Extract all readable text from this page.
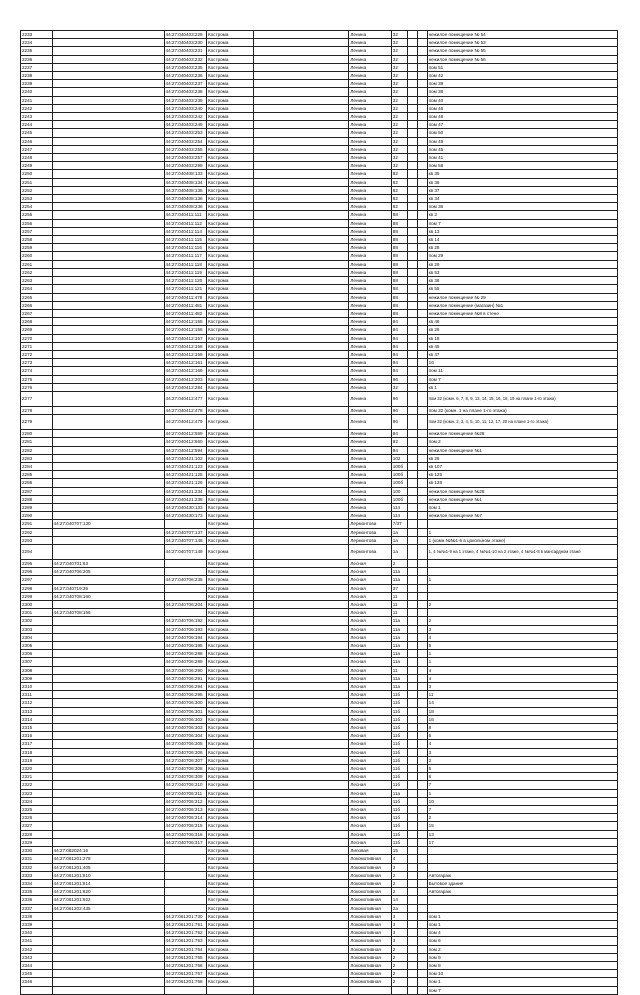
2233		44:27:040403:229	Кострома		Ленина	32			нежилое помещение № 54
2234		44:27:040403:230	Кострома		Ленина	32			нежилое помещение № 53
2235		44:27:040403:231	Кострома		Ленина	32			нежилое помещение № 55
2236		44:27:040403:232	Кострома		Ленина	32			нежилое помещение № 56
2237		44:27:040403:235	Кострома		Ленина	32			пом 51
2238		44:27:040403:236	Кострома		Ленина	32			пом 42
2239		44:27:040403:237	Кострома		Ленина	32			пом 39
2240		44:27:040403:238	Кострома		Ленина	32			пом 38
2241		44:27:040403:239	Кострома		Ленина	32			пом 40
2242		44:27:040403:240	Кострома		Ленина	32			пом 46
2243		44:27:040403:242	Кострома		Ленина	32			пом 48
2244		44:27:040403:249	Кострома		Ленина	32			пом 47
2245		44:27:040403:253	Кострома		Ленина	32			пом 50
2246		44:27:040403:254	Кострома		Ленина	32			пом 49
2247		44:27:040403:255	Кострома		Ленина	32			пом 45
2248		44:27:040403:257	Кострома		Ленина	32			пом 41
2249		44:27:040403:299	Кострома		Ленина	32			пом 58
2250		44:27:040408:133	Кострома		Ленина	82			кв 35
2251		44:27:040408:134	Кострома		Ленина	82			кв 36
2252		44:27:040408:135	Кострома		Ленина	82			кв 37
2253		44:27:040408:136	Кострома		Ленина	82			кв 34
2254		44:27:040408:236	Кострома		Ленина	82			пом 36
2255		44:27:040411:111	Кострома		Ленина	88			кв 2
2256		44:27:040411:112	Кострома		Ленина	88			пом 7
2257		44:27:040411:114	Кострома		Ленина	88			кв 13
2258		44:27:040411:115	Кострома		Ленина	88			кв 14
2259		44:27:040411:116	Кострома		Ленина	88			кв 28
2260		44:27:040411:117	Кострома		Ленина	88			пом 29
2261		44:27:040411:118	Кострома		Ленина	88			кв 29
2262		44:27:040411:119	Кострома		Ленина	88			кв 53
2263		44:27:040411:120	Кострома		Ленина	88			кв 36
2264		44:27:040411:121	Кострома		Ленина	88			кв 55
2265		44:27:040411:478	Кострома		Ленина	88			нежилое помещение № 29
2266		44:27:040411:481	Кострома		Ленина	88			нежилое помещение (магазин) №1
2267		44:27:040411:482	Кострома		Ленина	88			нежилое помещение №8 в стене
2268		44:27:040412:155	Кострома		Ленина	94			кв 46
2269		44:27:040412:156	Кострома		Ленина	94			кв 26
2270		44:27:040412:157	Кострома		Ленина	94			кв 18
2271		44:27:040412:158	Кострома		Ленина	94			кв 45
2272		44:27:040412:159	Кострома		Ленина	94			кв 47
2273		44:27:040412:161	Кострома		Ленина	94			16
2274		44:27:040412:169	Кострома		Ленина	94			пом 11
2275		44:27:040412:203	Кострома		Ленина	96			пом 7
2276		44:27:040412:284	Кострома		Ленина	32			кв 1
2277		44:27:040412:477	Кострома		Ленина	96			пом 32 (комн. 6, 7, 8, 9, 13, 14, 15, 16, 18, 19 на плане 1-го этажа)
2278		44:27:040412:478	Кострома		Ленина	96			пом 32 (комн. 1 на плане 1-го этажа)
2279		44:27:040412:479	Кострома		Ленина	96			пом 32 (комн. 2, 3, 4, 5, 10, 11, 12, 17, 20 на плане 1-го этажа)
2280		44:27:040412:559	Кострома		Ленина	94			нежилое помещение №28
2281		44:27:040412:560	Кострома		Ленина	92			пом 2
2282		44:27:040412:594	Кострома		Ленина	94			нежилое помещение №1
2283		44:27:040421:102	Кострома		Ленина	102			кв 26
2284		44:27:040421:123	Кострома		Ленина	100б			кв 107
2285		44:27:040421:125	Кострома		Ленина	100б			кв 125
2286		44:27:040421:126	Кострома		Ленина	100б			кв 128
2287		44:27:040421:234	Кострома		Ленина	100			нежилое помещение №28
2288		44:27:040421:238	Кострома		Ленина	100б			нежилое помещение №1
2289		44:27:040430:133	Кострома		Ленина	114			пом 1
2290		44:27:040430:173	Кострома		Ленина	114			нежилое помещение №7
2291	44:27:040707:130		Кострома		Лермонтова	7/37			
2292		44:27:040707:137	Кострома		Лермонтова	1а			1
2293		44:27:040707:148	Кострома		Лермонтова	1а			1 (комн.№№1-6 в цокольном этаже)
2294		44:27:040707:149	Кострома		Лермонтова	1а			1, 4 №№1-9 на 1 этаже, 4 №№1-10 на 2 этаже, 4 №№1-8 в мансардном этаже
2295	44:27:040701:63		Кострома		Лесная	2			
2296	44:27:040706:205		Кострома		Лесная	11а			
2297		44:27:040706:235	Кострома		Лесная	11а			1
2298	44:27:040719:35		Кострома		Лесная	37			
2299	44:27:040708:160		Кострома		Лесная	11			
2300		44:27:040706:204	Кострома		Лесная	11			2
2301	44:27:040708:156		Кострома		Лесная	11			
2302		44:27:040706:192	Кострома		Лесная	11а			2
2303		44:27:040706:193	Кострома		Лесная	11а			3
2304		44:27:040706:194	Кострома		Лесная	11а			4
2305		44:27:040706:195	Кострома		Лесная	11а			5
2306		44:27:040706:288	Кострома		Лесная	11а			1
2307		44:27:040706:289	Кострома		Лесная	11а			1
2308		44:27:040706:290	Кострома		Лесная	11			4
2309		44:27:040706:291	Кострома		Лесная	11а			4
2310		44:27:040706:294	Кострома		Лесная	11а			3
2311		44:27:040706:295	Кострома		Лесная	11б			11
2312		44:27:040706:300	Кострома		Лесная	11б			14
2313		44:27:040706:301	Кострома		Лесная	11б			18
2314		44:27:040706:302	Кострома		Лесная	11б			16
2315		44:27:040706:303	Кострома		Лесная	11б			8
2316		44:27:040706:304	Кострома		Лесная	11б			6
2317		44:27:040706:305	Кострома		Лесная	11б			4
2318		44:27:040706:306	Кострома		Лесная	11б			3
2319		44:27:040706:307	Кострома		Лесная	11б			2
2320		44:27:040706:308	Кострома		Лесная	11б			5
2321		44:27:040706:309	Кострома		Лесная	11б			6
2322		44:27:040706:310	Кострома		Лесная	11б			7
2323		44:27:040706:311	Кострома		Лесная	11а			1
2324		44:27:040706:312	Кострома		Лесная	11б			10
2325		44:27:040706:313	Кострома		Лесная	11б			7
2326		44:27:040706:314	Кострома		Лесная	11б			2
2327		44:27:040706:315	Кострома		Лесная	11б			15
2328		44:27:040706:316	Кострома		Лесная	11б			13
2329		44:27:040706:317	Кострома		Лесная	11б			17
2330	44:27:082024:16		Кострома		Липовая	15			
2331	44:27:061201:278		Кострома		Локомотивная	4			
2332	44:27:061201:405		Кострома		Локомотивная	3			
2333	44:27:061201:810		Кострома		Локомотивная	2			Автогараж
2334	44:27:061201:814		Кострома		Локомотивная	2			Бытовое здание
2335	44:27:061201:820		Кострома		Локомотивная	2			Автогараж
2336	44:27:061201:922		Кострома		Локомотивная	14			
2337	44:27:061202:435		Кострома		Локомотивная	2а			
2338		44:27:061201:730	Кострома		Локомотивная	3			пом 1
2339		44:27:061201:751	Кострома		Локомотивная	3			пом 1
2340		44:27:061201:752	Кострома		Локомотивная	3			пом 4
2341		44:27:061201:753	Кострома		Локомотивная	3			пом 6
2342		44:27:061201:754	Кострома		Локомотивная	2			пом 2
2343		44:27:061201:755	Кострома		Локомотивная	2			пом 9
2344		44:27:061201:756	Кострома		Локомотивная	2			пом 8
2345		44:27:061201:757	Кострома		Локомотивная	2			пом 10
2346		44:27:061201:758	Кострома		Локомотивная	2			пом 1
									пом 7
